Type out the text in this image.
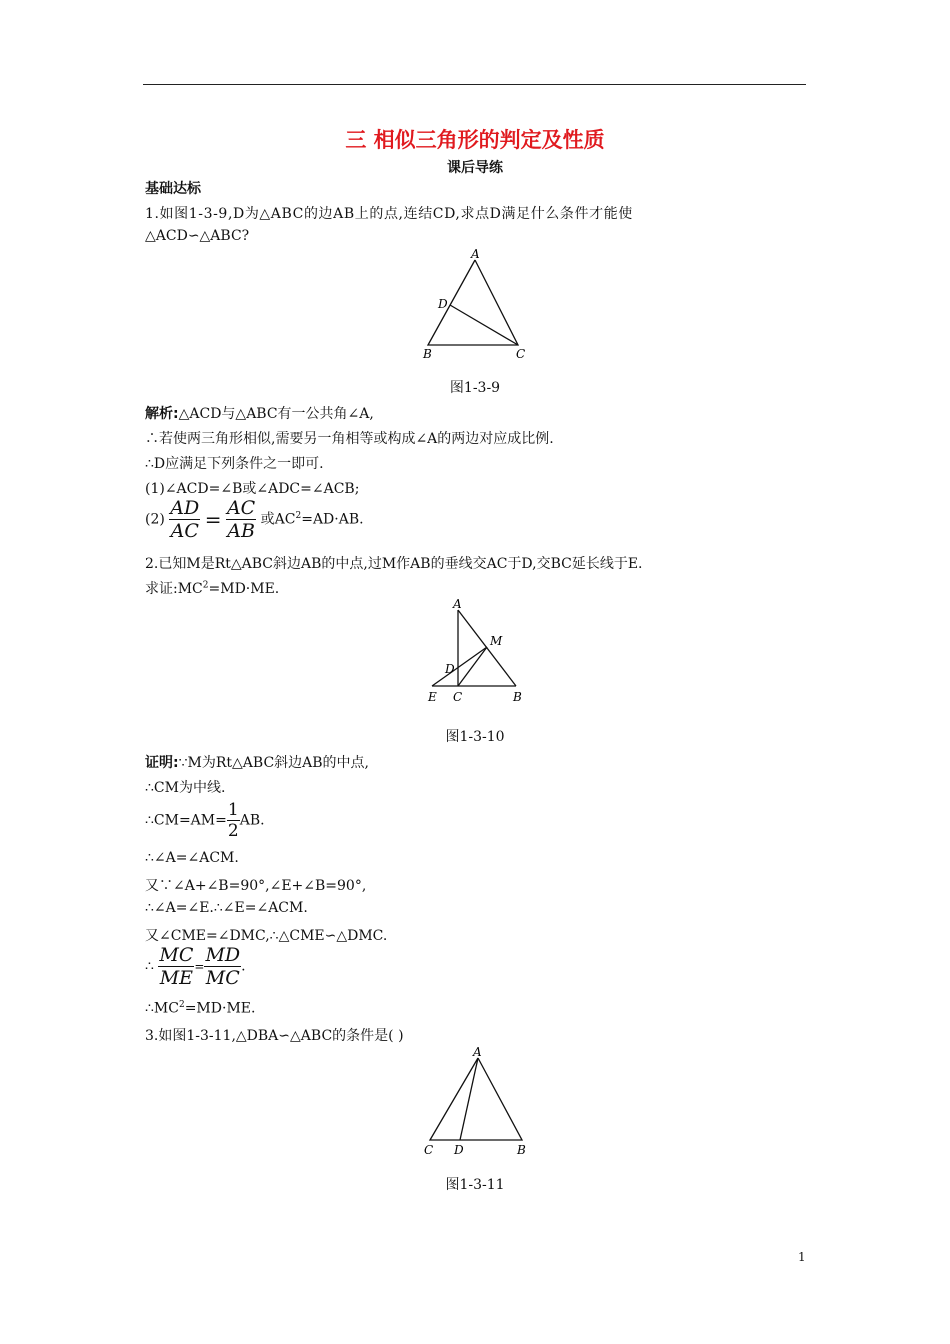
三 相似三角形的判定及性质
课后导练
基础达标
1.如图1-3-9,D为△ABC的边AB上的点,连结CD,求点D满足什么条件才能使
△ACD∽△ABC?
A
D
B	C
图1-3-9
解析:△ACD与△ABC有一公共角∠A,
∴若使两三角形相似,需要另一角相等或构成∠A的两边对应成比例.
∴D应满足下列条件之一即可.
(1)∠ACD=∠B或∠ADC=∠ACB;
$(2) \frac{AD}{AC} = \frac{AC}{AB}$ 或$AC^2=AD\cdot AB$.
2.已知M是Rt△ABC斜边AB的中点,过M作AB的垂线交AC于D,交BC延长线于E.
求证$:MC^2=MD\cdot ME$.
A
M
D
E C	B
图1-3-10
证明:∵M为Rt△ABC斜边AB的中点,
∴CM为中线.
∴CM=AM= $\frac{1}{2}$ AB.
∴∠A=∠ACM.
又∵∠A+∠B=90°,∠E+∠B=90°,
∴∠A=∠E.∴∠E=∠ACM.
又∠CME=∠DMC,∴△CME∽△DMC.
∴ $\frac{MC}{ME} = \frac{MD}{MC}$ .
$\therefore MC^2=MD\cdot ME$.
3.如图1-3-11,△DBA∽△ABC的条件是( )
A
C D	B
图1-3-11
1
